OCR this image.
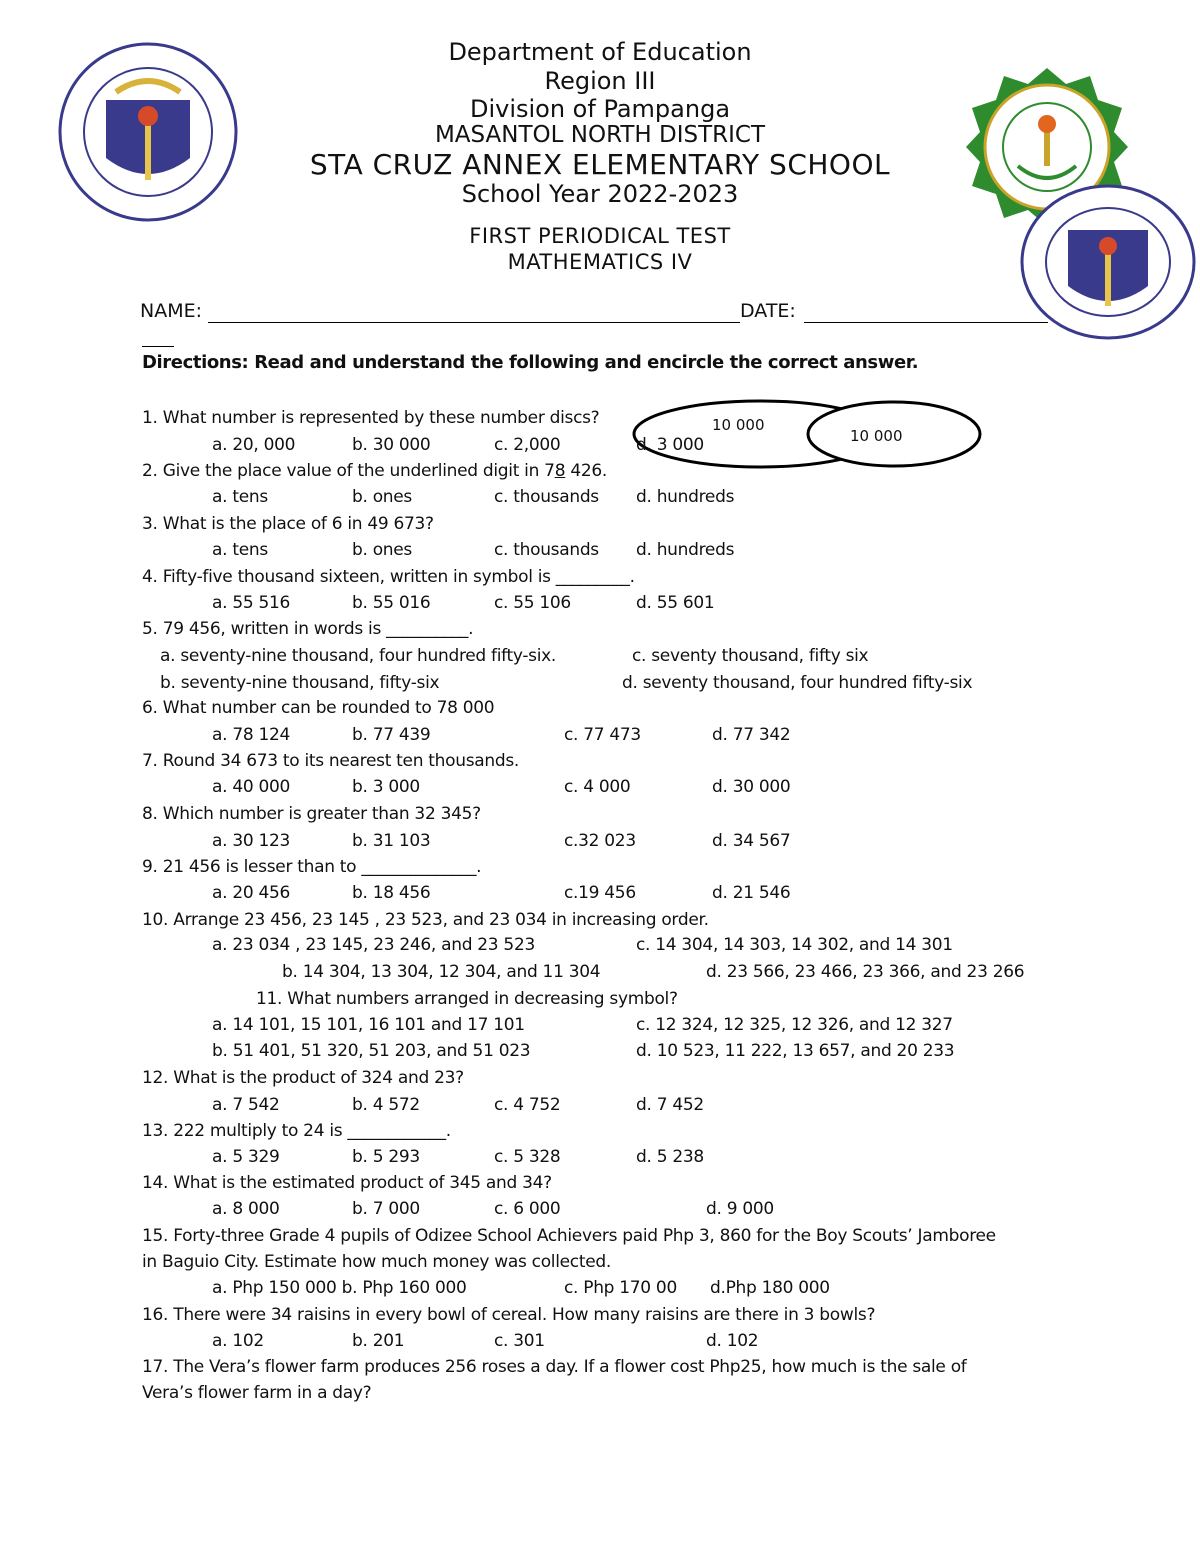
Department of Education
Region III
Division of Pampanga
MASANTOL NORTH DISTRICT
STA CRUZ ANNEX ELEMENTARY SCHOOL
School Year 2022-2023
FIRST PERIODICAL TEST
MATHEMATICS IV
NAME:	DATE:
Directions: Read and understand the following and encircle the correct answer.
10 000
10 000
1. What number is represented by these number discs?
a. 20, 000	b. 30 000	c. 2,000	d. 3 000
2. Give the place value of the underlined digit in 78 426.
a. tens	b. ones	c. thousands d. hundreds
3. What is the place of 6 in 49 673?
a. tens	b. ones	c. thousands d. hundreds
4. Fifty-five thousand sixteen, written in symbol is _________.
a. 55 516	b. 55 016	c. 55 106	d. 55 601
5. 79 456, written in words is __________.
a. seventy-nine thousand, four hundred fifty-six.	c. seventy thousand, fifty six
b. seventy-nine thousand, fifty-six	d. seventy thousand, four hundred fifty-six
6. What number can be rounded to 78 000
a. 78 124	b. 77 439	c. 77 473	d. 77 342
7. Round 34 673 to its nearest ten thousands.
a. 40 000	b. 3 000	c. 4 000	d. 30 000
8. Which number is greater than 32 345?
a. 30 123	b. 31 103	c.32 023	d. 34 567
9. 21 456 is lesser than to ______________.
a. 20 456	b. 18 456	c.19 456	d. 21 546
10. Arrange 23 456, 23 145 , 23 523, and 23 034 in increasing order.
a. 23 034 , 23 145, 23 246, and 23 523	c. 14 304, 14 303, 14 302, and 14 301
b. 14 304, 13 304, 12 304, and 11 304	d. 23 566, 23 466, 23 366, and 23 266
11. What numbers arranged in decreasing symbol?
a. 14 101, 15 101, 16 101 and 17 101	c. 12 324, 12 325, 12 326, and 12 327
b. 51 401, 51 320, 51 203, and 51 023	d. 10 523, 11 222, 13 657, and 20 233
12. What is the product of 324 and 23?
a. 7 542	b. 4 572	c. 4 752	d. 7 452
13. 222 multiply to 24 is ____________.
a. 5 329	b. 5 293	c. 5 328	d. 5 238
14. What is the estimated product of 345 and 34?
a. 8 000	b. 7 000	c. 6 000	d. 9 000
15. Forty-three Grade 4 pupils of Odizee School Achievers paid Php 3, 860 for the Boy Scouts’ Jamboree
in Baguio City. Estimate how much money was collected.
a. Php 150 000 b. Php 160 000	c. Php 170 00 d.Php 180 000
16. There were 34 raisins in every bowl of cereal. How many raisins are there in 3 bowls?
a. 102	b. 201	c. 301	d. 102
17. The Vera’s flower farm produces 256 roses a day. If a flower cost Php25, how much is the sale of
Vera’s flower farm in a day?
